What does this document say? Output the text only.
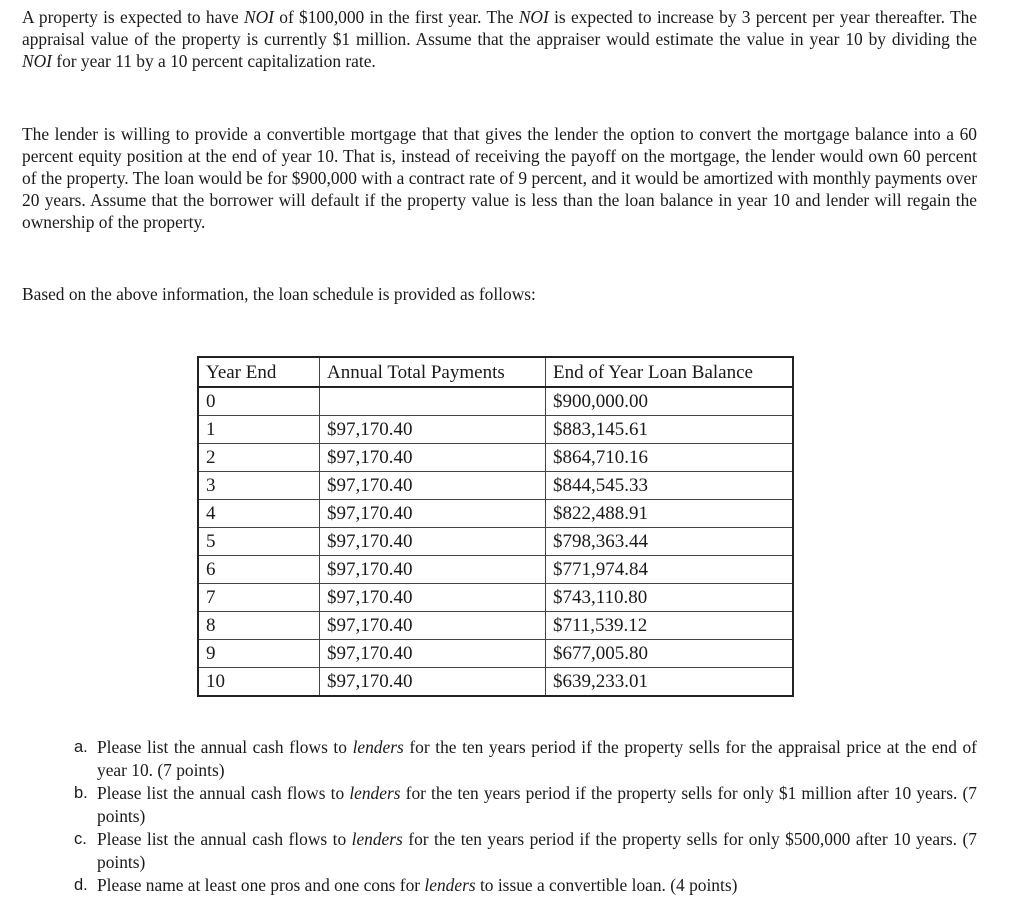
A property is expected to have NOI of $100,000 in the first year. The NOI is expected to increase by 3 percent per year thereafter. The appraisal value of the property is currently $1 million. Assume that the appraiser would estimate the value in year 10 by dividing the NOI for year 11 by a 10 percent capitalization rate.

The lender is willing to provide a convertible mortgage that that gives the lender the option to convert the mortgage balance into a 60 percent equity position at the end of year 10. That is, instead of receiving the payoff on the mortgage, the lender would own 60 percent of the property. The loan would be for $900,000 with a contract rate of 9 percent, and it would be amortized with monthly payments over 20 years. Assume that the borrower will default if the property value is less than the loan balance in year 10 and lender will regain the ownership of the property.

Based on the above information, the loan schedule is provided as follows:

Year End	Annual Total Payments	End of Year Loan Balance
0		$900,000.00
1	$97,170.40	$883,145.61
2	$97,170.40	$864,710.16
3	$97,170.40	$844,545.33
4	$97,170.40	$822,488.91
5	$97,170.40	$798,363.44
6	$97,170.40	$771,974.84
7	$97,170.40	$743,110.80
8	$97,170.40	$711,539.12
9	$97,170.40	$677,005.80
10	$97,170.40	$639,233.01
a. Please list the annual cash flows to lenders for the ten years period if the property sells for the appraisal price at the end of year 10. (7 points)
b. Please list the annual cash flows to lenders for the ten years period if the property sells for only $1 million after 10 years. (7 points)
c. Please list the annual cash flows to lenders for the ten years period if the property sells for only $500,000 after 10 years. (7 points)
d. Please name at least one pros and one cons for lenders to issue a convertible loan. (4 points)
